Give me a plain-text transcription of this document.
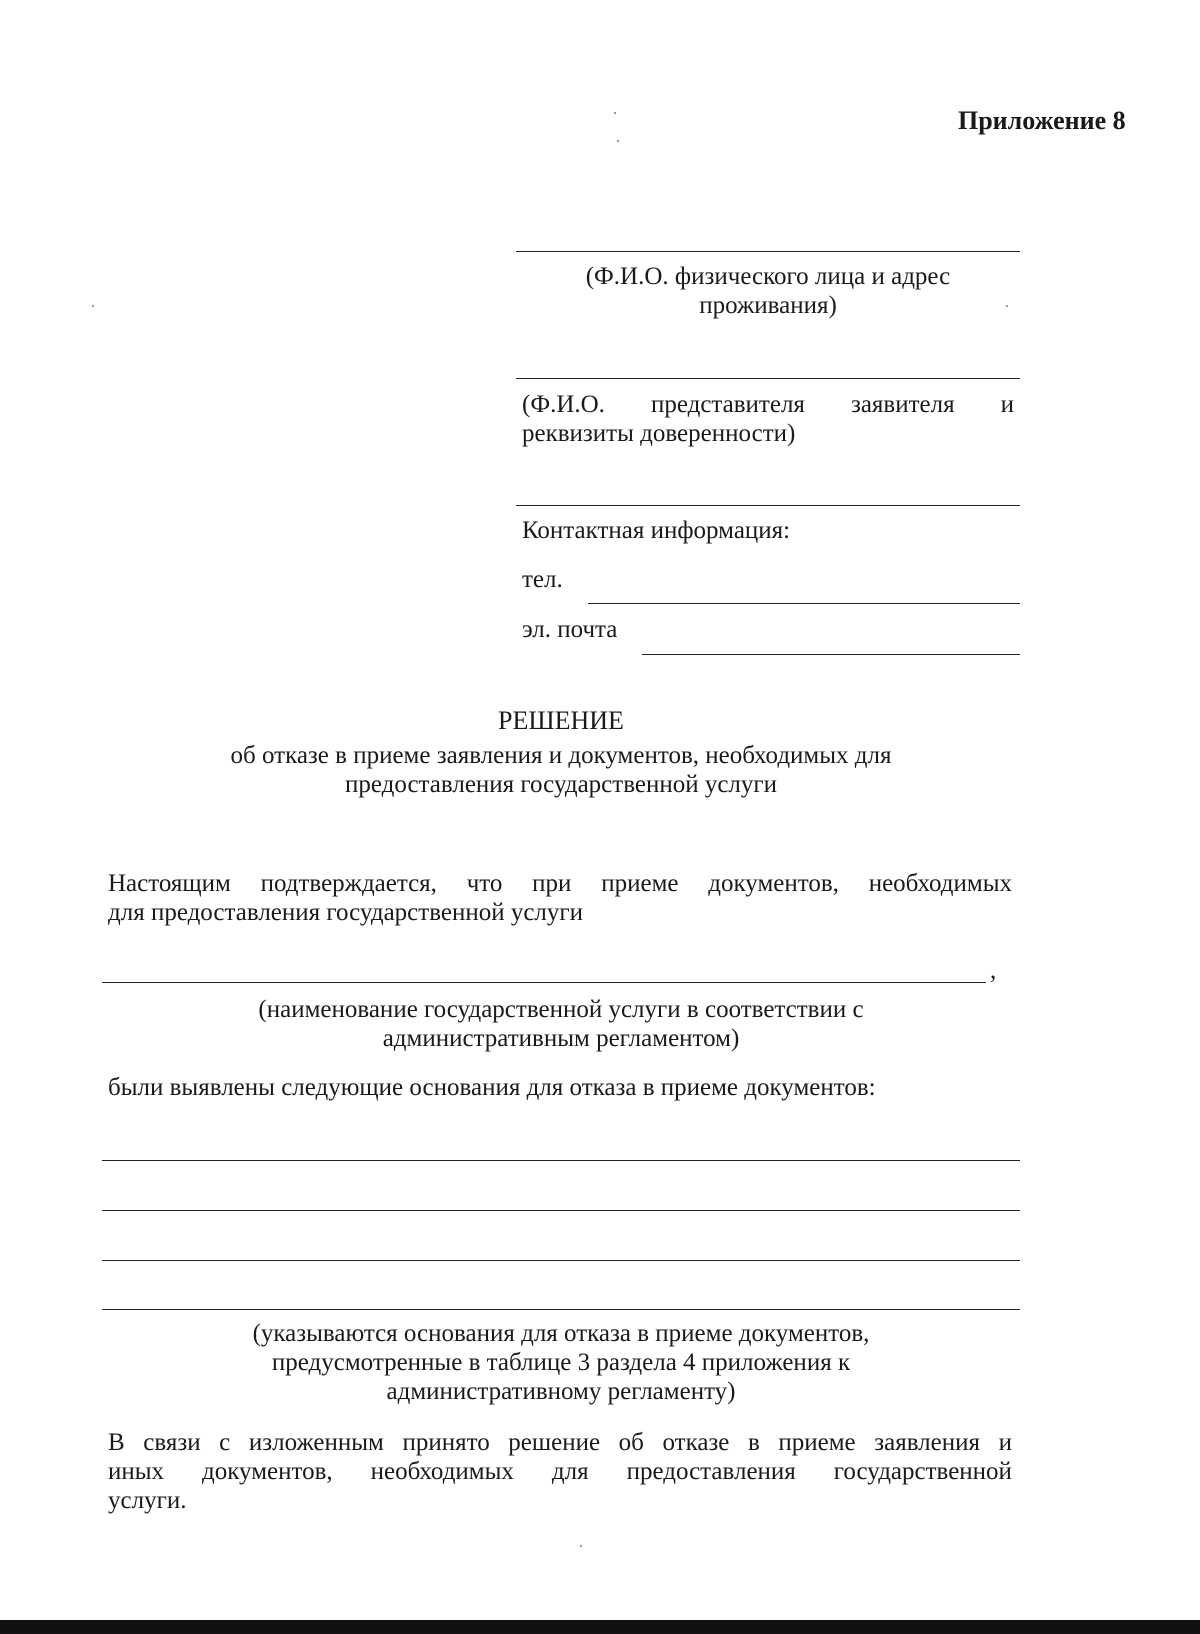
Приложение 8
(Ф.И.О. физического лица и адрес
проживания)
(Ф.И.О. представителя заявителя и
реквизиты доверенности)
Контактная информация:
тел.
эл. почта
РЕШЕНИЕ
об отказе в приеме заявления и документов, необходимых для
предоставления государственной услуги
Настоящим подтверждается, что при приеме документов, необходимых
для предоставления государственной услуги
,
(наименование государственной услуги в соответствии с
административным регламентом)
были выявлены следующие основания для отказа в приеме документов:
(указываются основания для отказа в приеме документов,
предусмотренные в таблице 3 раздела 4 приложения к
административному регламенту)
В связи с изложенным принято решение об отказе в приеме заявления и
иных документов, необходимых для предоставления государственной
услуги.
